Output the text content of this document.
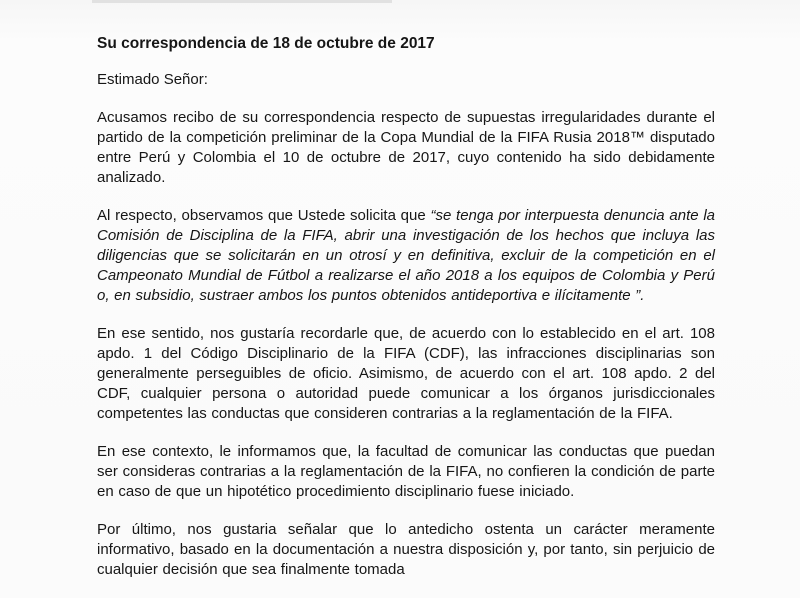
Su correspondencia de 18 de octubre de 2017

Estimado Señor:

Acusamos recibo de su correspondencia respecto de supuestas irregularidades durante el partido de la competición preliminar de la Copa Mundial de la FIFA Rusia 2018™ disputado entre Perú y Colombia el 10 de octubre de 2017, cuyo contenido ha sido debidamente analizado.

Al respecto, observamos que Ustede solicita que “se tenga por interpuesta denuncia ante la Comisión de Disciplina de la FIFA, abrir una investigación de los hechos que incluya las diligencias que se solicitarán en un otrosí y en definitiva, excluir de la competición en el Campeonato Mundial de Fútbol a realizarse el año 2018 a los equipos de Colombia y Perú o, en subsidio, sustraer ambos los puntos obtenidos antideportiva e ilícitamente ”.

En ese sentido, nos gustaría recordarle que, de acuerdo con lo establecido en el art. 108 apdo. 1 del Código Disciplinario de la FIFA (CDF), las infracciones disciplinarias son generalmente perseguibles de oficio. Asimismo, de acuerdo con el art. 108 apdo. 2 del CDF, cualquier persona o autoridad puede comunicar a los órganos jurisdiccionales competentes las conductas que consideren contrarias a la reglamentación de la FIFA.

En ese contexto, le informamos que, la facultad de comunicar las conductas que puedan ser consideras contrarias a la reglamentación de la FIFA, no confieren la condición de parte en caso de que un hipotético procedimiento disciplinario fuese iniciado.

Por último, nos gustaria señalar que lo antedicho ostenta un carácter meramente informativo, basado en la documentación a nuestra disposición y, por tanto, sin perjuicio de cualquier decisión que sea finalmente tomada
